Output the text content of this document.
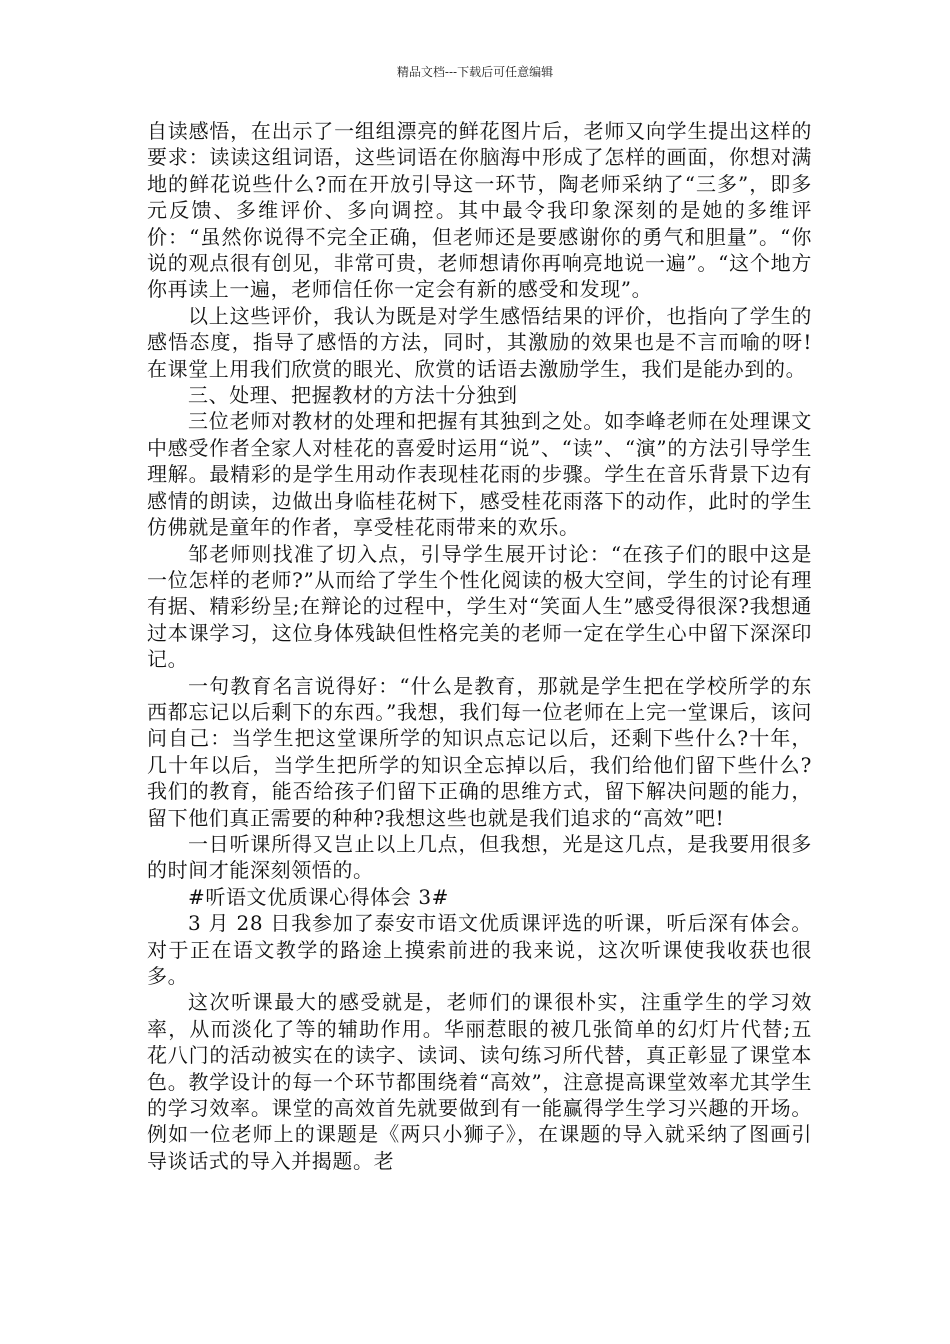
精品文档---下载后可任意编辑

自读感悟，在出示了一组组漂亮的鲜花图片后，老师又向学生提出这样的要求：读读这组词语，这些词语在你脑海中形成了怎样的画面，你想对满地的鲜花说些什么?而在开放引导这一环节，陶老师采纳了“三多”，即多元反馈、多维评价、多向调控。其中最令我印象深刻的是她的多维评价：“虽然你说得不完全正确，但老师还是要感谢你的勇气和胆量”。“你说的观点很有创见，非常可贵，老师想请你再响亮地说一遍”。“这个地方你再读上一遍，老师信任你一定会有新的感受和发现”。

以上这些评价，我认为既是对学生感悟结果的评价，也指向了学生的感悟态度，指导了感悟的方法，同时，其激励的效果也是不言而喻的呀!在课堂上用我们欣赏的眼光、欣赏的话语去激励学生，我们是能办到的。

三、处理、把握教材的方法十分独到

三位老师对教材的处理和把握有其独到之处。如李峰老师在处理课文中感受作者全家人对桂花的喜爱时运用“说”、“读”、“演”的方法引导学生理解。最精彩的是学生用动作表现桂花雨的步骤。学生在音乐背景下边有感情的朗读，边做出身临桂花树下，感受桂花雨落下的动作，此时的学生仿佛就是童年的作者，享受桂花雨带来的欢乐。

邹老师则找准了切入点，引导学生展开讨论：“在孩子们的眼中这是一位怎样的老师?”从而给了学生个性化阅读的极大空间，学生的讨论有理有据、精彩纷呈;在辩论的过程中，学生对“笑面人生”感受得很深?我想通过本课学习，这位身体残缺但性格完美的老师一定在学生心中留下深深印记。

一句教育名言说得好：“什么是教育，那就是学生把在学校所学的东西都忘记以后剩下的东西。”我想，我们每一位老师在上完一堂课后，该问问自己：当学生把这堂课所学的知识点忘记以后，还剩下些什么?十年，几十年以后，当学生把所学的知识全忘掉以后，我们给他们留下些什么?我们的教育，能否给孩子们留下正确的思维方式，留下解决问题的能力，留下他们真正需要的种种?我想这些也就是我们追求的“高效”吧!

一日听课所得又岂止以上几点，但我想，光是这几点，是我要用很多的时间才能深刻领悟的。

#听语文优质课心得体会 3#

3 月 28 日我参加了泰安市语文优质课评选的听课，听后深有体会。对于正在语文教学的路途上摸索前进的我来说，这次听课使我收获也很多。

这次听课最大的感受就是，老师们的课很朴实，注重学生的学习效率，从而淡化了等的辅助作用。华丽惹眼的被几张简单的幻灯片代替;五花八门的活动被实在的读字、读词、读句练习所代替，真正彰显了课堂本色。教学设计的每一个环节都围绕着“高效”，注意提高课堂效率尤其学生的学习效率。课堂的高效首先就要做到有一能赢得学生学习兴趣的开场。例如一位老师上的课题是《两只小狮子》，在课题的导入就采纳了图画引导谈话式的导入并揭题。老
